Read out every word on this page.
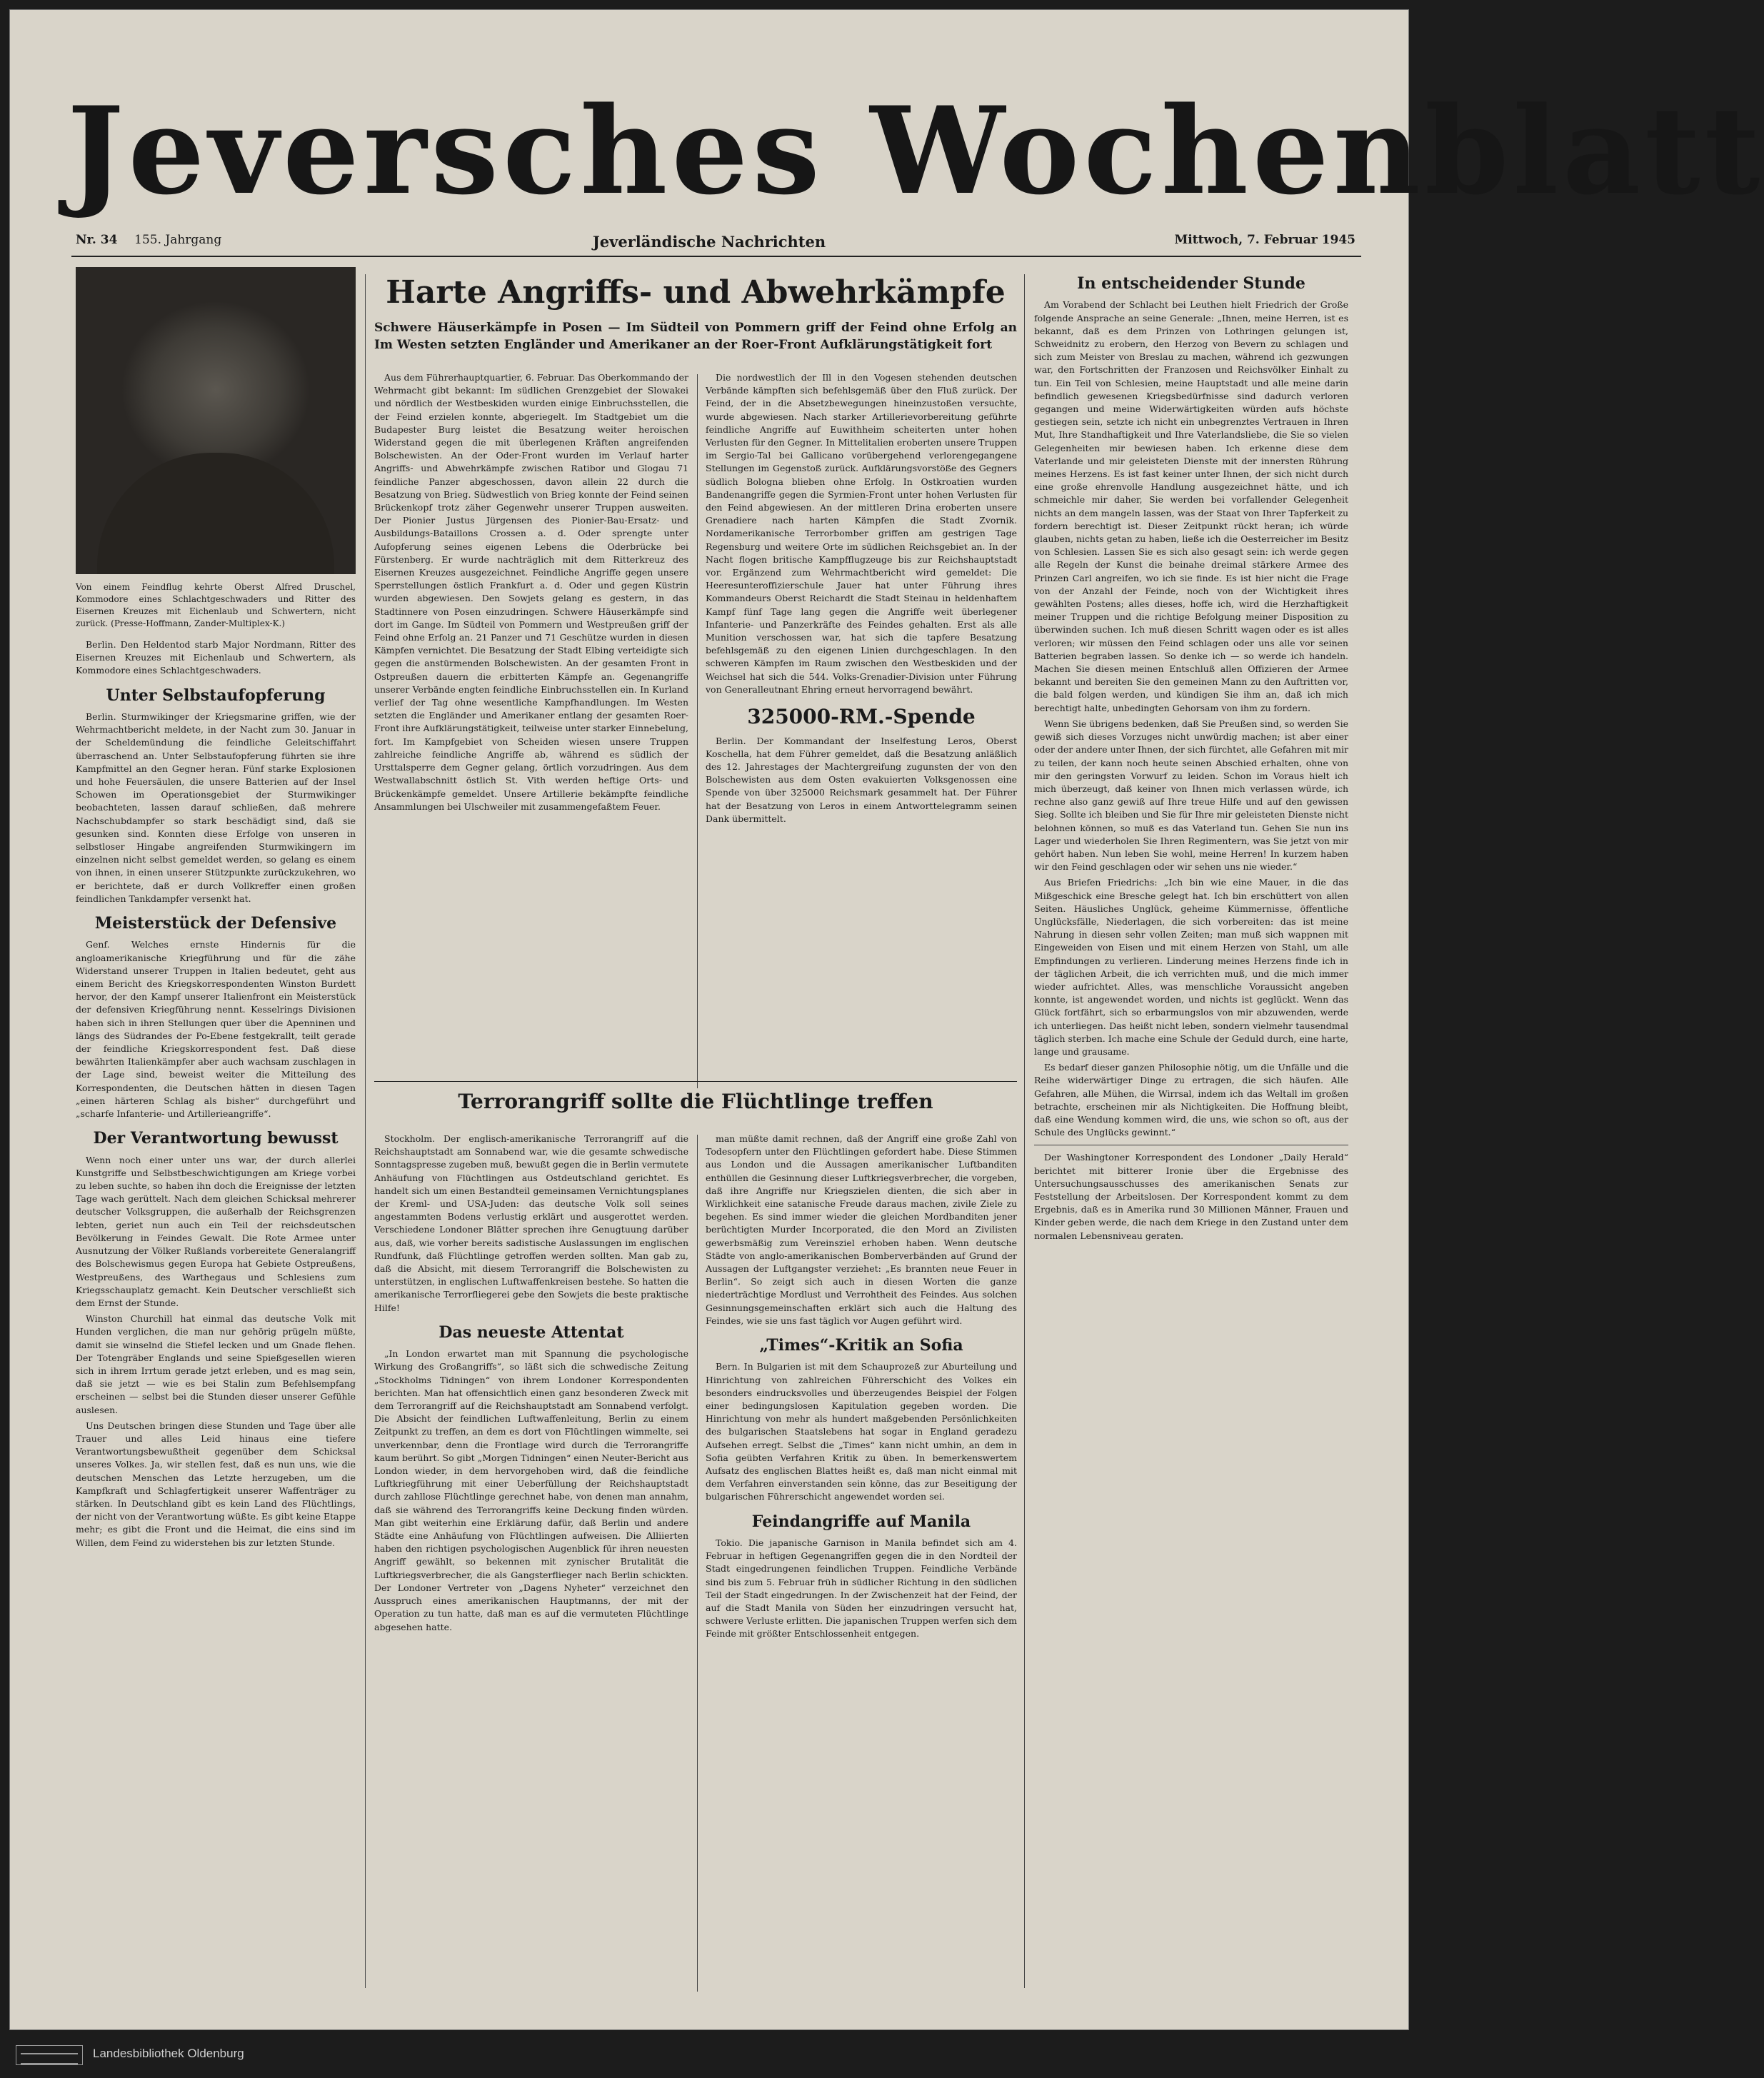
Jeversches Wochenblatt
Nr. 34 155. Jahrgang	Jeverländische Nachrichten	Mittwoch, 7. Februar 1945
Von einem Feindflug kehrte Oberst Alfred Druschel, Kommodore eines Schlachtgeschwaders und Ritter des Eisernen Kreuzes mit Eichenlaub und Schwertern, nicht zurück. (Presse-Hoffmann, Zander-Multiplex-K.)

Berlin. Den Heldentod starb Major Nordmann, Ritter des Eisernen Kreuzes mit Eichenlaub und Schwertern, als Kommodore eines Schlachtgeschwaders.

Unter Selbstaufopferung

Berlin. Sturmwikinger der Kriegsmarine griffen, wie der Wehrmachtbericht meldete, in der Nacht zum 30. Januar in der Scheldemündung die feindliche Geleitschiffahrt überraschend an. Unter Selbstaufopferung führten sie ihre Kampfmittel an den Gegner heran. Fünf starke Explosionen und hohe Feuersäulen, die unsere Batterien auf der Insel Schowen im Operationsgebiet der Sturmwikinger beobachteten, lassen darauf schließen, daß mehrere Nachschubdampfer so stark beschädigt sind, daß sie gesunken sind. Konnten diese Erfolge von unseren in selbstloser Hingabe angreifenden Sturmwikingern im einzelnen nicht selbst gemeldet werden, so gelang es einem von ihnen, in einen unserer Stützpunkte zurückzukehren, wo er berichtete, daß er durch Vollkreffer einen großen feindlichen Tankdampfer versenkt hat.

Meisterstück der Defensive

Genf. Welches ernste Hindernis für die angloamerikanische Kriegführung und für die zähe Widerstand unserer Truppen in Italien bedeutet, geht aus einem Bericht des Kriegskorrespondenten Winston Burdett hervor, der den Kampf unserer Italienfront ein Meisterstück der defensiven Kriegführung nennt. Kesselrings Divisionen haben sich in ihren Stellungen quer über die Apenninen und längs des Südrandes der Po-Ebene festgekrallt, teilt gerade der feindliche Kriegskorrespondent fest. Daß diese bewährten Italienkämpfer aber auch wachsam zuschlagen in der Lage sind, beweist weiter die Mitteilung des Korrespondenten, die Deutschen hätten in diesen Tagen „einen härteren Schlag als bisher“ durchgeführt und „scharfe Infanterie- und Artillerieangriffe“.

Der Verantwortung bewusst

Wenn noch einer unter uns war, der durch allerlei Kunstgriffe und Selbstbeschwichtigungen am Kriege vorbei zu leben suchte, so haben ihn doch die Ereignisse der letzten Tage wach gerüttelt. Nach dem gleichen Schicksal mehrerer deutscher Volksgruppen, die außerhalb der Reichsgrenzen lebten, geriet nun auch ein Teil der reichsdeutschen Bevölkerung in Feindes Gewalt. Die Rote Armee unter Ausnutzung der Völker Rußlands vorbereitete Generalangriff des Bolschewismus gegen Europa hat Gebiete Ostpreußens, Westpreußens, des Warthegaus und Schlesiens zum Kriegsschauplatz gemacht. Kein Deutscher verschließt sich dem Ernst der Stunde.

Winston Churchill hat einmal das deutsche Volk mit Hunden verglichen, die man nur gehörig prügeln müßte, damit sie winselnd die Stiefel lecken und um Gnade flehen. Der Totengräber Englands und seine Spießgesellen wieren sich in ihrem Irrtum gerade jetzt erleben, und es mag sein, daß sie jetzt — wie es bei Stalin zum Befehlsempfang erscheinen — selbst bei die Stunden dieser unserer Gefühle auslesen.

Uns Deutschen bringen diese Stunden und Tage über alle Trauer und alles Leid hinaus eine tiefere Verantwortungsbewußtheit gegenüber dem Schicksal unseres Volkes. Ja, wir stellen fest, daß es nun uns, wie die deutschen Menschen das Letzte herzugeben, um die Kampfkraft und Schlagfertigkeit unserer Waffenträger zu stärken. In Deutschland gibt es kein Land des Flüchtlings, der nicht von der Verantwortung wüßte. Es gibt keine Etappe mehr; es gibt die Front und die Heimat, die eins sind im Willen, dem Feind zu widerstehen bis zur letzten Stunde.

Harte Angriffs- und Abwehrkämpfe
Schwere Häuserkämpfe in Posen — Im Südteil von Pommern griff der Feind ohne Erfolg an Im Westen setzten Engländer und Amerikaner an der Roer-Front Aufklärungstätigkeit fort

Aus dem Führerhauptquartier, 6. Februar. Das Oberkommando der Wehrmacht gibt bekannt: Im südlichen Grenzgebiet der Slowakei und nördlich der Westbeskiden wurden einige Einbruchsstellen, die der Feind erzielen konnte, abgeriegelt. Im Stadtgebiet um die Budapester Burg leistet die Besatzung weiter heroischen Widerstand gegen die mit überlegenen Kräften angreifenden Bolschewisten. An der Oder-Front wurden im Verlauf harter Angriffs- und Abwehrkämpfe zwischen Ratibor und Glogau 71 feindliche Panzer abgeschossen, davon allein 22 durch die Besatzung von Brieg. Südwestlich von Brieg konnte der Feind seinen Brückenkopf trotz zäher Gegenwehr unserer Truppen ausweiten. Der Pionier Justus Jürgensen des Pionier-Bau-Ersatz- und Ausbildungs-Bataillons Crossen a. d. Oder sprengte unter Aufopferung seines eigenen Lebens die Oderbrücke bei Fürstenberg. Er wurde nachträglich mit dem Ritterkreuz des Eisernen Kreuzes ausgezeichnet. Feindliche Angriffe gegen unsere Sperrstellungen östlich Frankfurt a. d. Oder und gegen Küstrin wurden abgewiesen. Den Sowjets gelang es gestern, in das Stadtinnere von Posen einzudringen. Schwere Häuserkämpfe sind dort im Gange. Im Südteil von Pommern und Westpreußen griff der Feind ohne Erfolg an. 21 Panzer und 71 Geschütze wurden in diesen Kämpfen vernichtet. Die Besatzung der Stadt Elbing verteidigte sich gegen die anstürmenden Bolschewisten. An der gesamten Front in Ostpreußen dauern die erbitterten Kämpfe an. Gegenangriffe unserer Verbände engten feindliche Einbruchsstellen ein. In Kurland verlief der Tag ohne wesentliche Kampfhandlungen. Im Westen setzten die Engländer und Amerikaner entlang der gesamten Roer-Front ihre Aufklärungstätigkeit, teilweise unter starker Einnebelung, fort. Im Kampfgebiet von Scheiden wiesen unsere Truppen zahlreiche feindliche Angriffe ab, während es südlich der Ursttalsperre dem Gegner gelang, örtlich vorzudringen. Aus dem Westwallabschnitt östlich St. Vith werden heftige Orts- und Brückenkämpfe gemeldet. Unsere Artillerie bekämpfte feindliche Ansammlungen bei Ulschweiler mit zusammengefaßtem Feuer.

Die nordwestlich der Ill in den Vogesen stehenden deutschen Verbände kämpften sich befehlsgemäß über den Fluß zurück. Der Feind, der in die Absetzbewegungen hineinzustoßen versuchte, wurde abgewiesen. Nach starker Artillerievorbereitung geführte feindliche Angriffe auf Euwithheim scheiterten unter hohen Verlusten für den Gegner. In Mittelitalien eroberten unsere Truppen im Sergio-Tal bei Gallicano vorübergehend verlorengegangene Stellungen im Gegenstoß zurück. Aufklärungsvorstöße des Gegners südlich Bologna blieben ohne Erfolg. In Ostkroatien wurden Bandenangriffe gegen die Syrmien-Front unter hohen Verlusten für den Feind abgewiesen. An der mittleren Drina eroberten unsere Grenadiere nach harten Kämpfen die Stadt Zvornik. Nordamerikanische Terrorbomber griffen am gestrigen Tage Regensburg und weitere Orte im südlichen Reichsgebiet an. In der Nacht flogen britische Kampfflugzeuge bis zur Reichshauptstadt vor. Ergänzend zum Wehrmachtbericht wird gemeldet: Die Heeresunteroffizierschule Jauer hat unter Führung ihres Kommandeurs Oberst Reichardt die Stadt Steinau in heldenhaftem Kampf fünf Tage lang gegen die Angriffe weit überlegener Infanterie- und Panzerkräfte des Feindes gehalten. Erst als alle Munition verschossen war, hat sich die tapfere Besatzung befehlsgemäß zu den eigenen Linien durchgeschlagen. In den schweren Kämpfen im Raum zwischen den Westbeskiden und der Weichsel hat sich die 544. Volks-Grenadier-Division unter Führung von Generalleutnant Ehring erneut hervorragend bewährt.

325000-RM.-Spende

Berlin. Der Kommandant der Inselfestung Leros, Oberst Koschella, hat dem Führer gemeldet, daß die Besatzung anläßlich des 12. Jahrestages der Machtergreifung zugunsten der von den Bolschewisten aus dem Osten evakuierten Volksgenossen eine Spende von über 325000 Reichsmark gesammelt hat. Der Führer hat der Besatzung von Leros in einem Antworttelegramm seinen Dank übermittelt.

Terrorangriff sollte die Flüchtlinge treffen

Stockholm. Der englisch-amerikanische Terrorangriff auf die Reichshauptstadt am Sonnabend war, wie die gesamte schwedische Sonntagspresse zugeben muß, bewußt gegen die in Berlin vermutete Anhäufung von Flüchtlingen aus Ostdeutschland gerichtet. Es handelt sich um einen Bestandteil gemeinsamen Vernichtungsplanes der Kreml- und USA-Juden: das deutsche Volk soll seines angestammten Bodens verlustig erklärt und ausgerottet werden. Verschiedene Londoner Blätter sprechen ihre Genugtuung darüber aus, daß, wie vorher bereits sadistische Auslassungen im englischen Rundfunk, daß Flüchtlinge getroffen werden sollten. Man gab zu, daß die Absicht, mit diesem Terrorangriff die Bolschewisten zu unterstützen, in englischen Luftwaffenkreisen bestehe. So hatten die amerikanische Terrorfliegerei gebe den Sowjets die beste praktische Hilfe!

Das neueste Attentat

„In London erwartet man mit Spannung die psychologische Wirkung des Großangriffs“, so läßt sich die schwedische Zeitung „Stockholms Tidningen“ von ihrem Londoner Korrespondenten berichten. Man hat offensichtlich einen ganz besonderen Zweck mit dem Terrorangriff auf die Reichshauptstadt am Sonnabend verfolgt. Die Absicht der feindlichen Luftwaffenleitung, Berlin zu einem Zeitpunkt zu treffen, an dem es dort von Flüchtlingen wimmelte, sei unverkennbar, denn die Frontlage wird durch die Terrorangriffe kaum berührt. So gibt „Morgen Tidningen“ einen Neuter-Bericht aus London wieder, in dem hervorgehoben wird, daß die feindliche Luftkriegführung mit einer Ueberfüllung der Reichshauptstadt durch zahllose Flüchtlinge gerechnet habe, von denen man annahm, daß sie während des Terrorangriffs keine Deckung finden würden. Man gibt weiterhin eine Erklärung dafür, daß Berlin und andere Städte eine Anhäufung von Flüchtlingen aufweisen. Die Alliierten haben den richtigen psychologischen Augenblick für ihren neuesten Angriff gewählt, so bekennen mit zynischer Brutalität die Luftkriegsverbrecher, die als Gangsterflieger nach Berlin schickten. Der Londoner Vertreter von „Dagens Nyheter“ verzeichnet den Ausspruch eines amerikanischen Hauptmanns, der mit der Operation zu tun hatte, daß man es auf die vermuteten Flüchtlinge abgesehen hatte.

man müßte damit rechnen, daß der Angriff eine große Zahl von Todesopfern unter den Flüchtlingen gefordert habe. Diese Stimmen aus London und die Aussagen amerikanischer Luftbanditen enthüllen die Gesinnung dieser Luftkriegsverbrecher, die vorgeben, daß ihre Angriffe nur Kriegszielen dienten, die sich aber in Wirklichkeit eine satanische Freude daraus machen, zivile Ziele zu begehen. Es sind immer wieder die gleichen Mordbanditen jener berüchtigten Murder Incorporated, die den Mord an Zivilisten gewerbsmäßig zum Vereinsziel erhoben haben. Wenn deutsche Städte von anglo-amerikanischen Bomberverbänden auf Grund der Aussagen der Luftgangster verziehet: „Es brannten neue Feuer in Berlin“. So zeigt sich auch in diesen Worten die ganze niederträchtige Mordlust und Verrohtheit des Feindes. Aus solchen Gesinnungsgemeinschaften erklärt sich auch die Haltung des Feindes, wie sie uns fast täglich vor Augen geführt wird.

„Times“-Kritik an Sofia

Bern. In Bulgarien ist mit dem Schauprozeß zur Aburteilung und Hinrichtung von zahlreichen Führerschicht des Volkes ein besonders eindrucksvolles und überzeugendes Beispiel der Folgen einer bedingungslosen Kapitulation gegeben worden. Die Hinrichtung von mehr als hundert maßgebenden Persönlichkeiten des bulgarischen Staatslebens hat sogar in England geradezu Aufsehen erregt. Selbst die „Times“ kann nicht umhin, an dem in Sofia geübten Verfahren Kritik zu üben. In bemerkenswertem Aufsatz des englischen Blattes heißt es, daß man nicht einmal mit dem Verfahren einverstanden sein könne, das zur Beseitigung der bulgarischen Führerschicht angewendet worden sei.

Feindangriffe auf Manila

Tokio. Die japanische Garnison in Manila befindet sich am 4. Februar in heftigen Gegenangriffen gegen die in den Nordteil der Stadt eingedrungenen feindlichen Truppen. Feindliche Verbände sind bis zum 5. Februar früh in südlicher Richtung in den südlichen Teil der Stadt eingedrungen. In der Zwischenzeit hat der Feind, der auf die Stadt Manila von Süden her einzudringen versucht hat, schwere Verluste erlitten. Die japanischen Truppen werfen sich dem Feinde mit größter Entschlossenheit entgegen.

In entscheidender Stunde

Am Vorabend der Schlacht bei Leuthen hielt Friedrich der Große folgende Ansprache an seine Generale: „Ihnen, meine Herren, ist es bekannt, daß es dem Prinzen von Lothringen gelungen ist, Schweidnitz zu erobern, den Herzog von Bevern zu schlagen und sich zum Meister von Breslau zu machen, während ich gezwungen war, den Fortschritten der Franzosen und Reichsvölker Einhalt zu tun. Ein Teil von Schlesien, meine Hauptstadt und alle meine darin befindlich gewesenen Kriegsbedürfnisse sind dadurch verloren gegangen und meine Widerwärtigkeiten würden aufs höchste gestiegen sein, setzte ich nicht ein unbegrenztes Vertrauen in Ihren Mut, Ihre Standhaftigkeit und Ihre Vaterlandsliebe, die Sie so vielen Gelegenheiten mir bewiesen haben. Ich erkenne diese dem Vaterlande und mir geleisteten Dienste mit der innersten Rührung meines Herzens. Es ist fast keiner unter Ihnen, der sich nicht durch eine große ehrenvolle Handlung ausgezeichnet hätte, und ich schmeichle mir daher, Sie werden bei vorfallender Gelegenheit nichts an dem mangeln lassen, was der Staat von Ihrer Tapferkeit zu fordern berechtigt ist. Dieser Zeitpunkt rückt heran; ich würde glauben, nichts getan zu haben, ließe ich die Oesterreicher im Besitz von Schlesien. Lassen Sie es sich also gesagt sein: ich werde gegen alle Regeln der Kunst die beinahe dreimal stärkere Armee des Prinzen Carl angreifen, wo ich sie finde. Es ist hier nicht die Frage von der Anzahl der Feinde, noch von der Wichtigkeit ihres gewählten Postens; alles dieses, hoffe ich, wird die Herzhaftigkeit meiner Truppen und die richtige Befolgung meiner Disposition zu überwinden suchen. Ich muß diesen Schritt wagen oder es ist alles verloren; wir müssen den Feind schlagen oder uns alle vor seinen Batterien begraben lassen. So denke ich — so werde ich handeln. Machen Sie diesen meinen Entschluß allen Offizieren der Armee bekannt und bereiten Sie den gemeinen Mann zu den Auftritten vor, die bald folgen werden, und kündigen Sie ihm an, daß ich mich berechtigt halte, unbedingten Gehorsam von ihm zu fordern.

Wenn Sie übrigens bedenken, daß Sie Preußen sind, so werden Sie gewiß sich dieses Vorzuges nicht unwürdig machen; ist aber einer oder der andere unter Ihnen, der sich fürchtet, alle Gefahren mit mir zu teilen, der kann noch heute seinen Abschied erhalten, ohne von mir den geringsten Vorwurf zu leiden. Schon im Voraus hielt ich mich überzeugt, daß keiner von Ihnen mich verlassen würde, ich rechne also ganz gewiß auf Ihre treue Hilfe und auf den gewissen Sieg. Sollte ich bleiben und Sie für Ihre mir geleisteten Dienste nicht belohnen können, so muß es das Vaterland tun. Gehen Sie nun ins Lager und wiederholen Sie Ihren Regimentern, was Sie jetzt von mir gehört haben. Nun leben Sie wohl, meine Herren! In kurzem haben wir den Feind geschlagen oder wir sehen uns nie wieder.“

Aus Briefen Friedrichs: „Ich bin wie eine Mauer, in die das Mißgeschick eine Bresche gelegt hat. Ich bin erschüttert von allen Seiten. Häusliches Unglück, geheime Kümmernisse, öffentliche Unglücksfälle, Niederlagen, die sich vorbereiten: das ist meine Nahrung in diesen sehr vollen Zeiten; man muß sich wappnen mit Eingeweiden von Eisen und mit einem Herzen von Stahl, um alle Empfindungen zu verlieren. Linderung meines Herzens finde ich in der täglichen Arbeit, die ich verrichten muß, und die mich immer wieder aufrichtet. Alles, was menschliche Voraussicht angeben konnte, ist angewendet worden, und nichts ist geglückt. Wenn das Glück fortfährt, sich so erbarmungslos von mir abzuwenden, werde ich unterliegen. Das heißt nicht leben, sondern vielmehr tausendmal täglich sterben. Ich mache eine Schule der Geduld durch, eine harte, lange und grausame.

Es bedarf dieser ganzen Philosophie nötig, um die Unfälle und die Reihe widerwärtiger Dinge zu ertragen, die sich häufen. Alle Gefahren, alle Mühen, die Wirrsal, indem ich das Weltall im großen betrachte, erscheinen mir als Nichtigkeiten. Die Hoffnung bleibt, daß eine Wendung kommen wird, die uns, wie schon so oft, aus der Schule des Unglücks gewinnt.“

Der Washingtoner Korrespondent des Londoner „Daily Herald“ berichtet mit bitterer Ironie über die Ergebnisse des Untersuchungsausschusses des amerikanischen Senats zur Feststellung der Arbeitslosen. Der Korrespondent kommt zu dem Ergebnis, daß es in Amerika rund 30 Millionen Männer, Frauen und Kinder geben werde, die nach dem Kriege in den Zustand unter dem normalen Lebensniveau geraten.

Landesbibliothek Oldenburg
